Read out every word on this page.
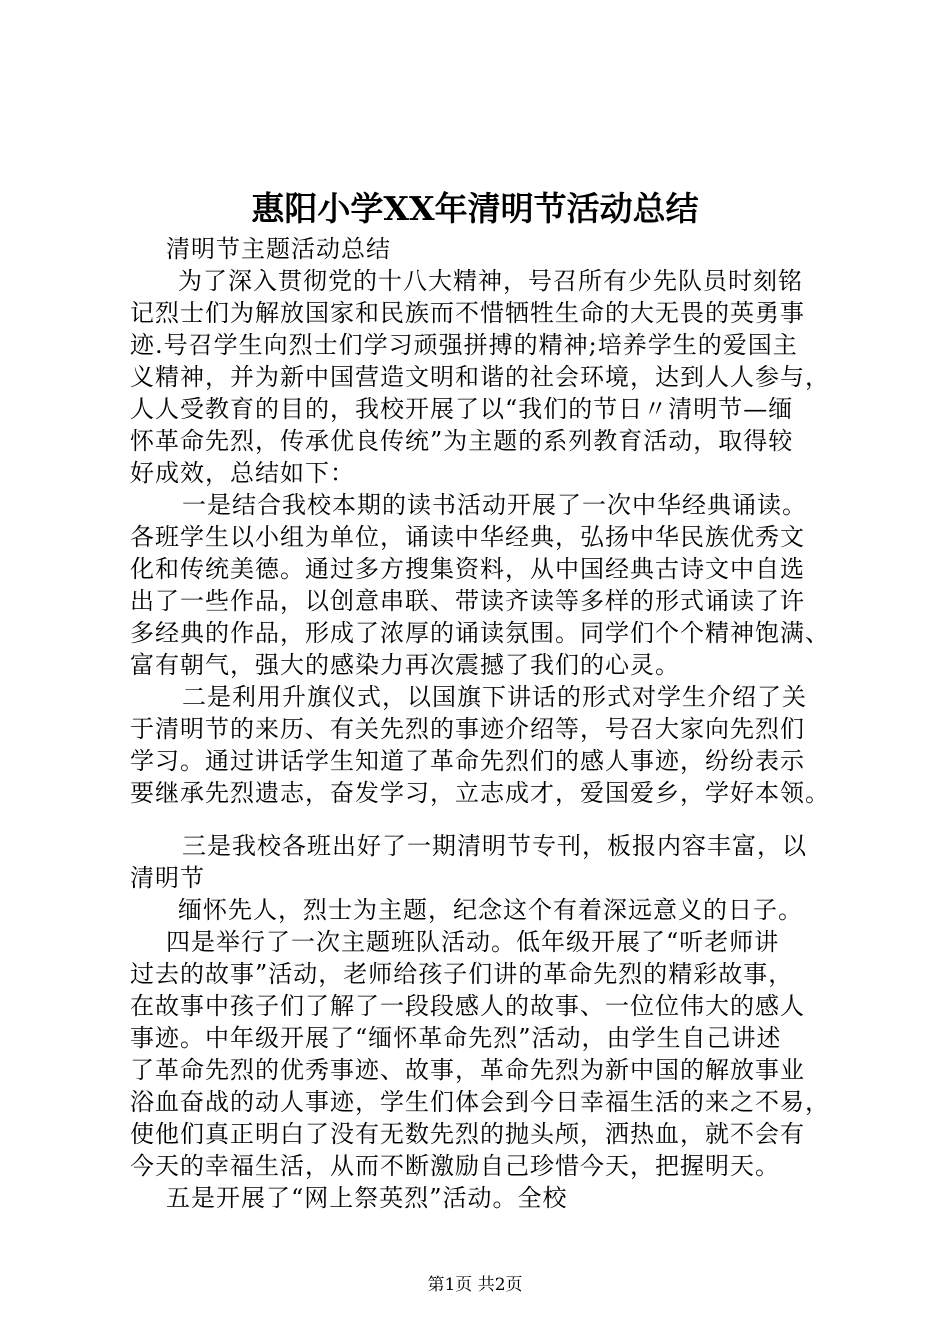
惠阳小学XX年清明节活动总结
清明节主题活动总结
为了深入贯彻党的十八大精神，号召所有少先队员时刻铭
记烈士们为解放国家和民族而不惜牺牲生命的大无畏的英勇事
迹.号召学生向烈士们学习顽强拼搏的精神;培养学生的爱国主
义精神，并为新中国营造文明和谐的社会环境，达到人人参与，
人人受教育的目的，我校开展了以“我们的节日〃清明节—缅
怀革命先烈，传承优良传统”为主题的系列教育活动，取得较
好成效，总结如下：
一是结合我校本期的读书活动开展了一次中华经典诵读。
各班学生以小组为单位，诵读中华经典，弘扬中华民族优秀文
化和传统美德。通过多方搜集资料，从中国经典古诗文中自选
出了一些作品，以创意串联、带读齐读等多样的形式诵读了许
多经典的作品，形成了浓厚的诵读氛围。同学们个个精神饱满、
富有朝气，强大的感染力再次震撼了我们的心灵。
二是利用升旗仪式，以国旗下讲话的形式对学生介绍了关
于清明节的来历、有关先烈的事迹介绍等，号召大家向先烈们
学习。通过讲话学生知道了革命先烈们的感人事迹，纷纷表示
要继承先烈遗志，奋发学习，立志成才，爱国爱乡，学好本领。
三是我校各班出好了一期清明节专刊，板报内容丰富，以
清明节
缅怀先人，烈士为主题，纪念这个有着深远意义的日子。
四是举行了一次主题班队活动。低年级开展了“听老师讲
过去的故事”活动，老师给孩子们讲的革命先烈的精彩故事，
在故事中孩子们了解了一段段感人的故事、一位位伟大的感人
事迹。中年级开展了“缅怀革命先烈”活动，由学生自己讲述
了革命先烈的优秀事迹、故事，革命先烈为新中国的解放事业
浴血奋战的动人事迹，学生们体会到今日幸福生活的来之不易，
使他们真正明白了没有无数先烈的抛头颅，洒热血，就不会有
今天的幸福生活，从而不断激励自己珍惜今天，把握明天。
五是开展了“网上祭英烈”活动。全校
第1页 共2页
